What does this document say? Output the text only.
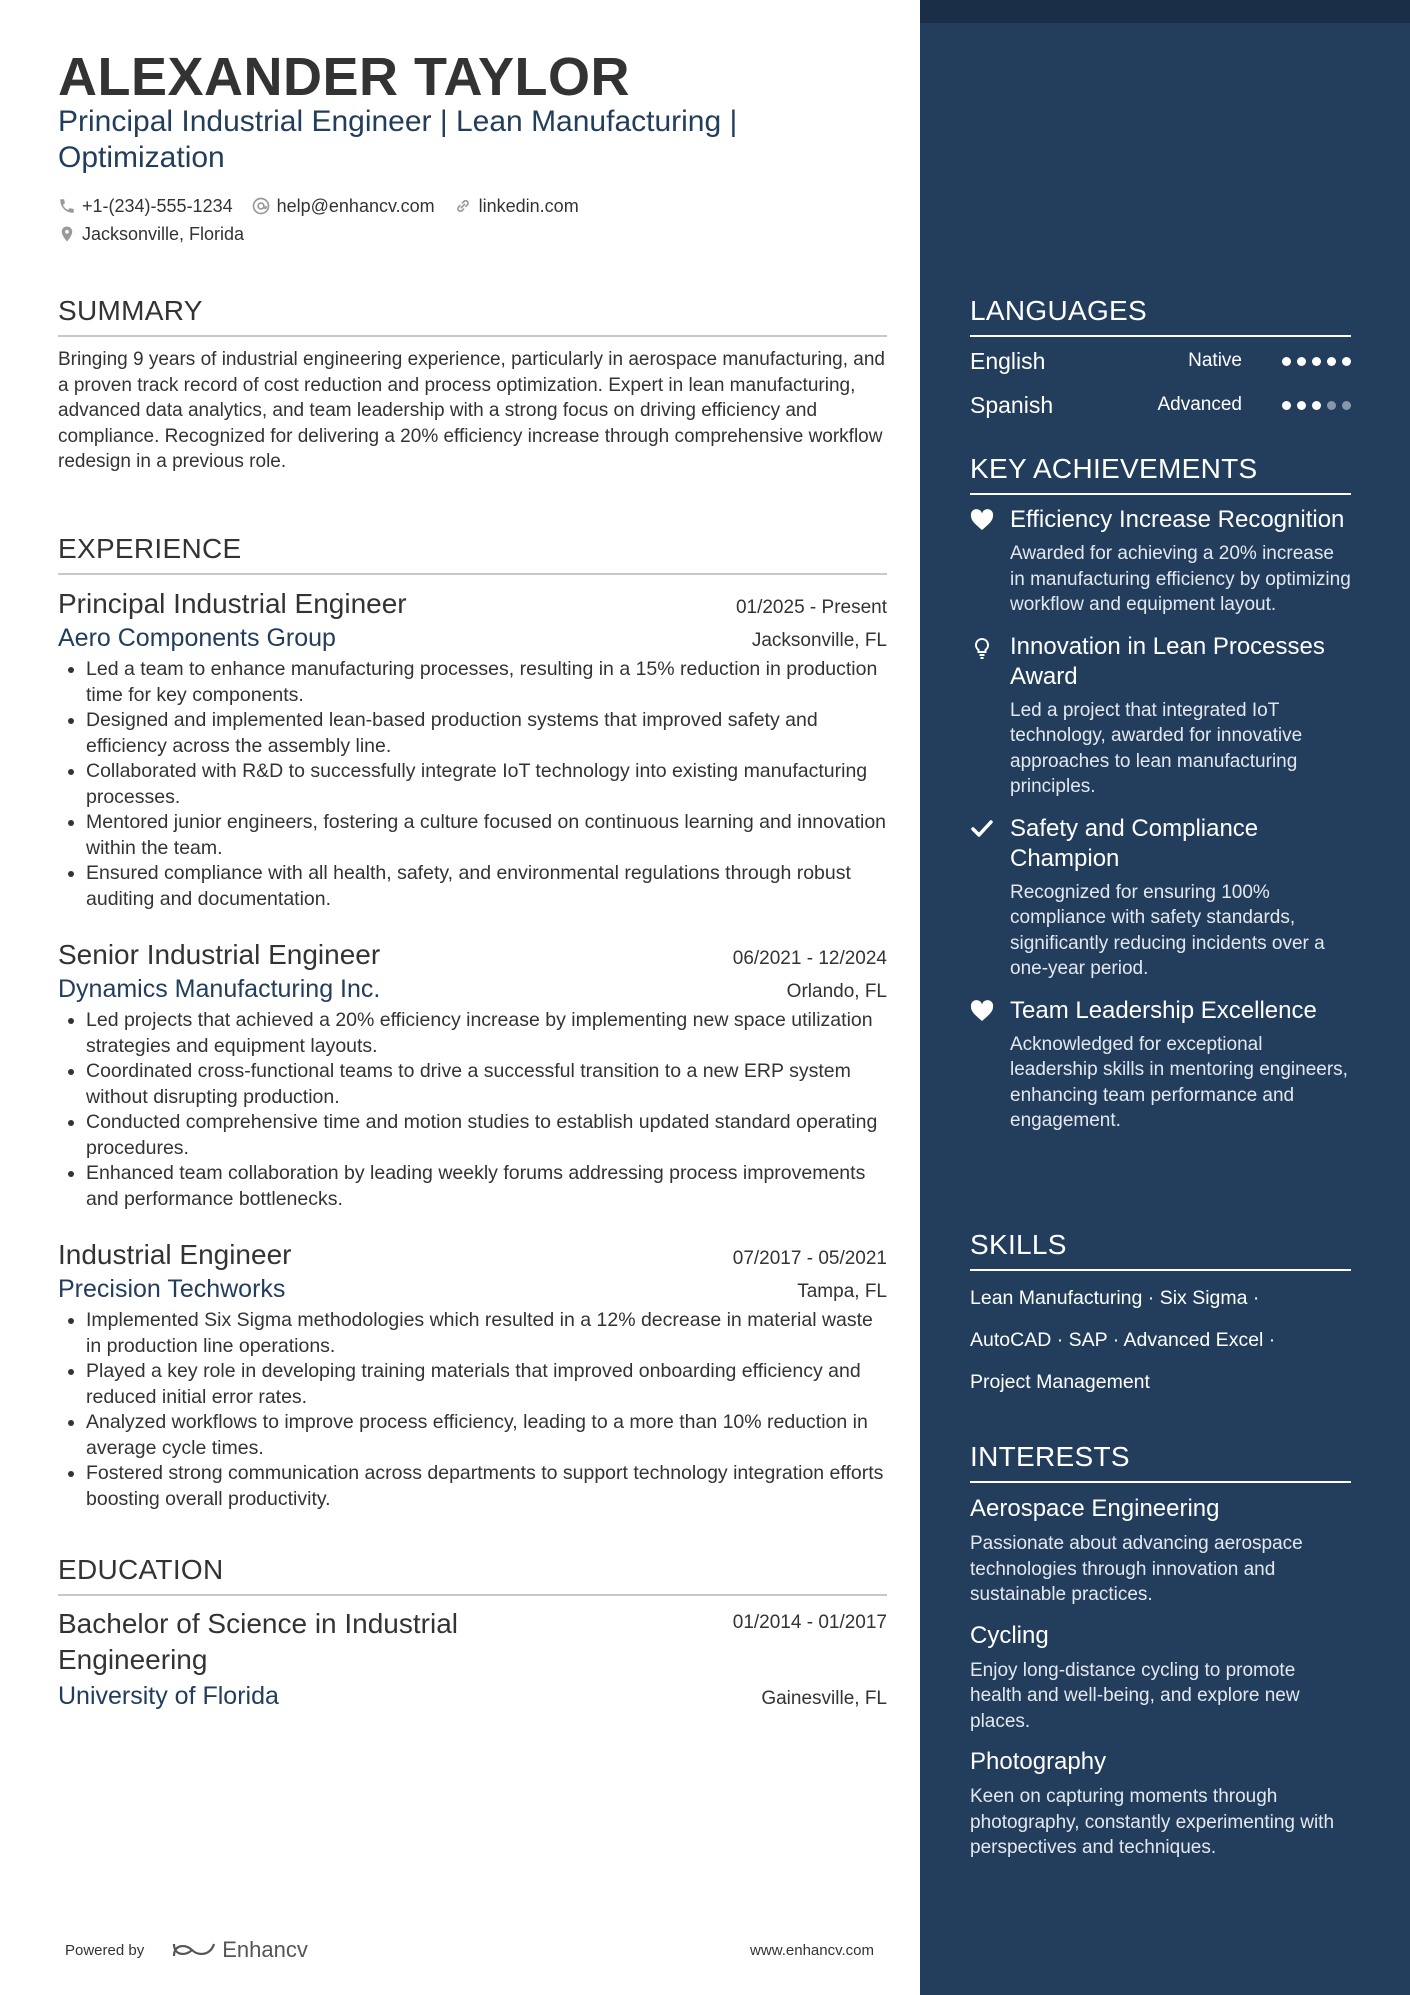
ALEXANDER TAYLOR
Principal Industrial Engineer | Lean Manufacturing | Optimization
+1-(234)-555-1234 help@enhancv.com linkedin.com
Jacksonville, Florida
SUMMARY
Bringing 9 years of industrial engineering experience, particularly in aerospace manufacturing, and a proven track record of cost reduction and process optimization. Expert in lean manufacturing, advanced data analytics, and team leadership with a strong focus on driving efficiency and compliance. Recognized for delivering a 20% efficiency increase through comprehensive workflow redesign in a previous role.
EXPERIENCE
Principal Industrial Engineer	01/2025 - Present
Aero Components Group	Jacksonville, FL
• Led a team to enhance manufacturing processes, resulting in a 15% reduction in production time for key components.
• Designed and implemented lean-based production systems that improved safety and efficiency across the assembly line.
• Collaborated with R&D to successfully integrate IoT technology into existing manufacturing processes.
• Mentored junior engineers, fostering a culture focused on continuous learning and innovation within the team.
• Ensured compliance with all health, safety, and environmental regulations through robust auditing and documentation.
Senior Industrial Engineer	06/2021 - 12/2024
Dynamics Manufacturing Inc.	Orlando, FL
• Led projects that achieved a 20% efficiency increase by implementing new space utilization strategies and equipment layouts.
• Coordinated cross-functional teams to drive a successful transition to a new ERP system without disrupting production.
• Conducted comprehensive time and motion studies to establish updated standard operating procedures.
• Enhanced team collaboration by leading weekly forums addressing process improvements and performance bottlenecks.
Industrial Engineer	07/2017 - 05/2021
Precision Techworks	Tampa, FL
• Implemented Six Sigma methodologies which resulted in a 12% decrease in material waste in production line operations.
• Played a key role in developing training materials that improved onboarding efficiency and reduced initial error rates.
• Analyzed workflows to improve process efficiency, leading to a more than 10% reduction in average cycle times.
• Fostered strong communication across departments to support technology integration efforts boosting overall productivity.
EDUCATION
Bachelor of Science in Industrial Engineering
01/2014 - 01/2017
University of Florida	Gainesville, FL
Powered by	Enhancv	www.enhancv.com
LANGUAGES
English	Native
Spanish	Advanced
KEY ACHIEVEMENTS
Efficiency Increase Recognition
Awarded for achieving a 20% increase in manufacturing efficiency by optimizing workflow and equipment layout.
Innovation in Lean Processes Award
Led a project that integrated IoT technology, awarded for innovative approaches to lean manufacturing principles.
Safety and Compliance Champion
Recognized for ensuring 100% compliance with safety standards, significantly reducing incidents over a one-year period.
Team Leadership Excellence
Acknowledged for exceptional leadership skills in mentoring engineers, enhancing team performance and engagement.
SKILLS
Lean Manufacturing · Six Sigma ·
AutoCAD · SAP · Advanced Excel ·
Project Management
INTERESTS
Aerospace Engineering
Passionate about advancing aerospace technologies through innovation and sustainable practices.
Cycling
Enjoy long-distance cycling to promote health and well-being, and explore new places.
Photography
Keen on capturing moments through photography, constantly experimenting with perspectives and techniques.
